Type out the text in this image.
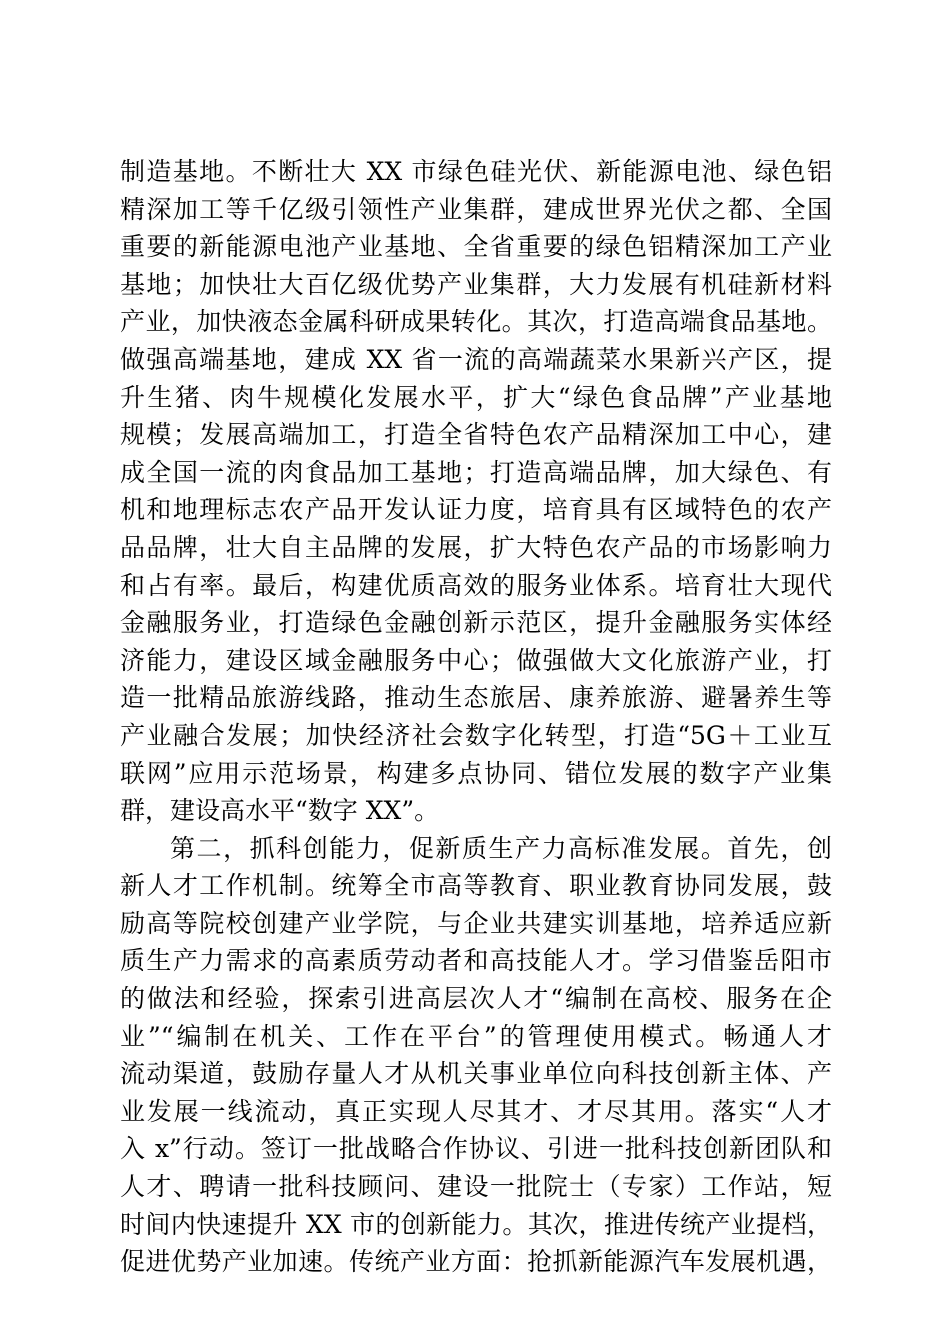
制造基地。不断壮大 XX 市绿色硅光伏、新能源电池、绿色铝
精深加工等千亿级引领性产业集群，建成世界光伏之都、全国
重要的新能源电池产业基地、全省重要的绿色铝精深加工产业
基地；加快壮大百亿级优势产业集群，大力发展有机硅新材料
产业，加快液态金属科研成果转化。其次，打造高端食品基地。
做强高端基地，建成 XX 省一流的高端蔬菜水果新兴产区，提
升生猪、肉牛规模化发展水平，扩大“绿色食品牌”产业基地
规模；发展高端加工，打造全省特色农产品精深加工中心，建
成全国一流的肉食品加工基地；打造高端品牌，加大绿色、有
机和地理标志农产品开发认证力度，培育具有区域特色的农产
品品牌，壮大自主品牌的发展，扩大特色农产品的市场影响力
和占有率。最后，构建优质高效的服务业体系。培育壮大现代
金融服务业，打造绿色金融创新示范区，提升金融服务实体经
济能力，建设区域金融服务中心；做强做大文化旅游产业，打
造一批精品旅游线路，推动生态旅居、康养旅游、避暑养生等
产业融合发展；加快经济社会数字化转型，打造“5G＋工业互
联网”应用示范场景，构建多点协同、错位发展的数字产业集
群，建设高水平“数字 XX”。
第二，抓科创能力，促新质生产力高标准发展。首先，创
新人才工作机制。统筹全市高等教育、职业教育协同发展，鼓
励高等院校创建产业学院，与企业共建实训基地，培养适应新
质生产力需求的高素质劳动者和高技能人才。学习借鉴岳阳市
的做法和经验，探索引进高层次人才“编制在高校、服务在企
业”“编制在机关、工作在平台”的管理使用模式。畅通人才
流动渠道，鼓励存量人才从机关事业单位向科技创新主体、产
业发展一线流动，真正实现人尽其才、才尽其用。落实“人才
入 x”行动。签订一批战略合作协议、引进一批科技创新团队和
人才、聘请一批科技顾问、建设一批院士（专家）工作站，短
时间内快速提升 XX 市的创新能力。其次，推进传统产业提档，
促进优势产业加速。传统产业方面：抢抓新能源汽车发展机遇，
